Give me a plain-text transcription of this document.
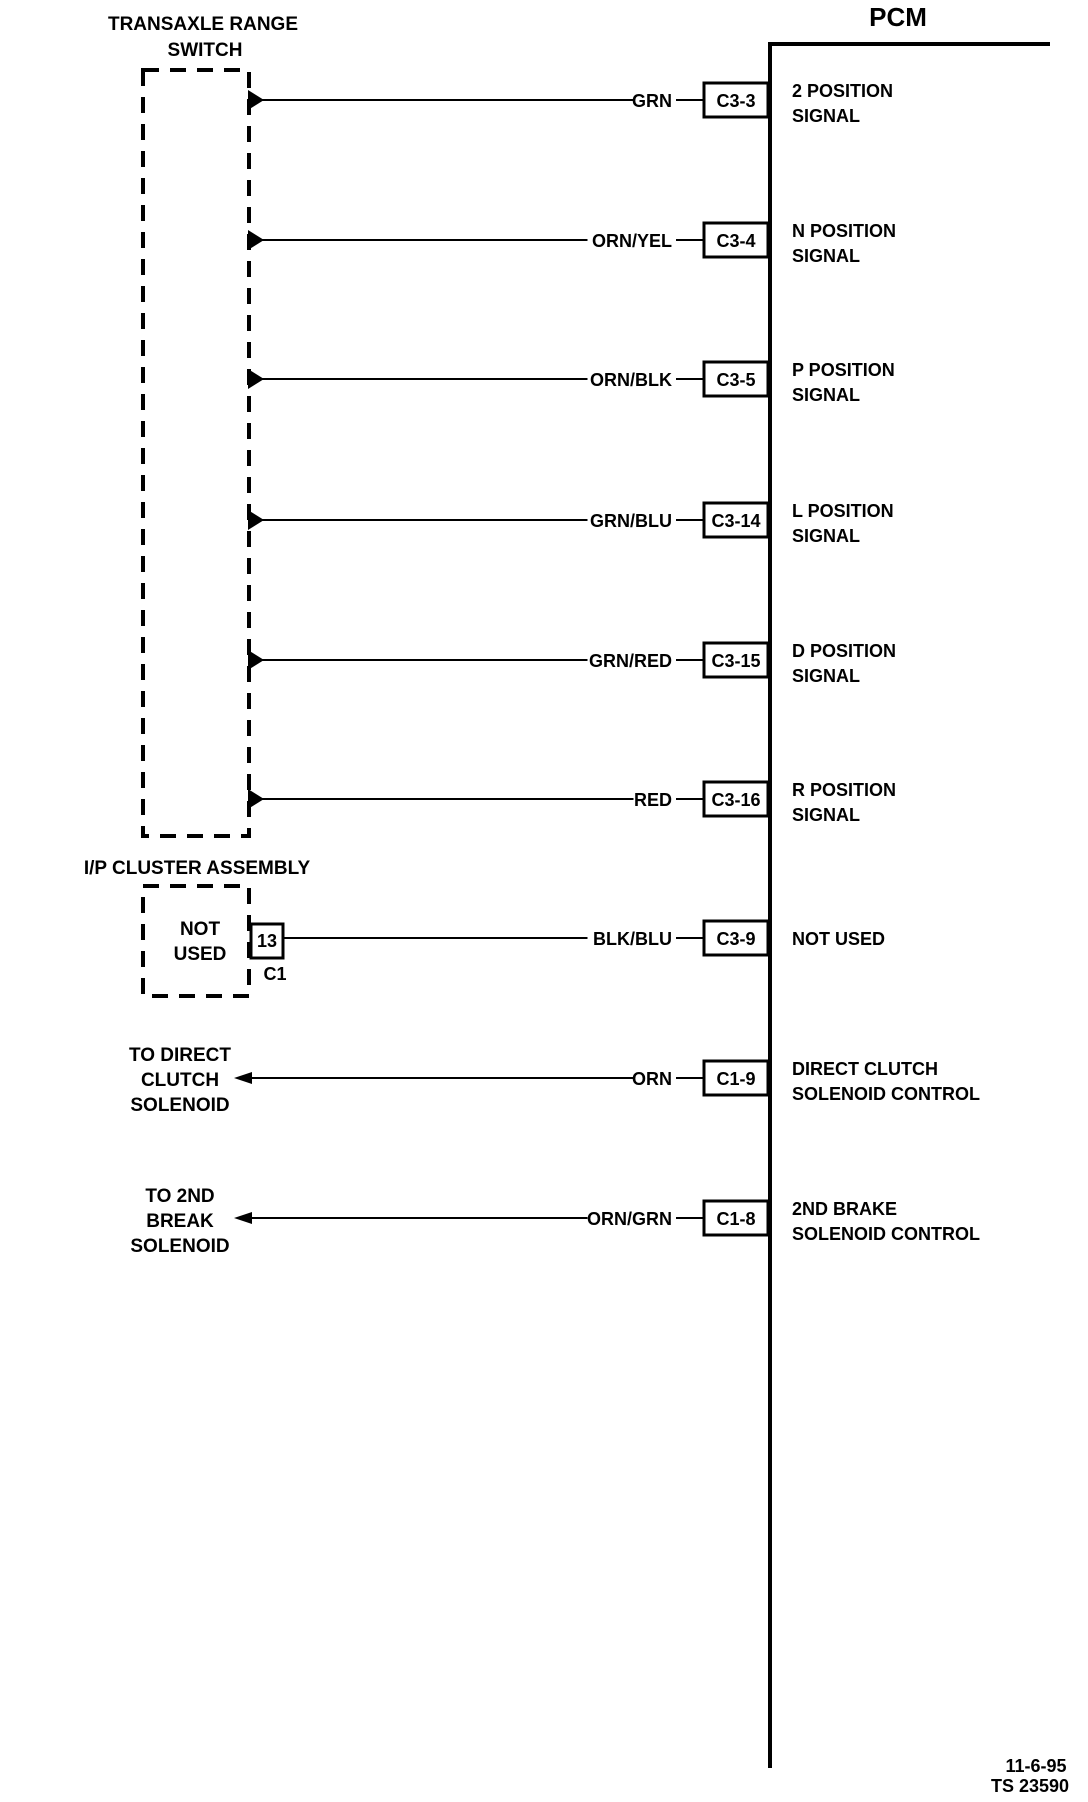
PCM
TRANSAXLE RANGE
SWITCH
I/P CLUSTER ASSEMBLY
NOT
USED
13
C1
GRN C3-3 2 POSITION
SIGNAL
ORN/YEL C3-4 N POSITION
SIGNAL
ORN/BLK C3-5 P POSITION
SIGNAL
GRN/BLU C3-14 L POSITION
SIGNAL
GRN/RED C3-15 D POSITION
SIGNAL
RED C3-16 R POSITION
SIGNAL
BLK/BLU C3-9 NOT USED
ORN C1-9 DIRECT CLUTCH
SOLENOID CONTROL
ORN/GRN C1-8 2ND BRAKE
SOLENOID CONTROL
TO DIRECT
CLUTCH
SOLENOID
TO 2ND
BREAK
SOLENOID
11-6-95
TS 23590
